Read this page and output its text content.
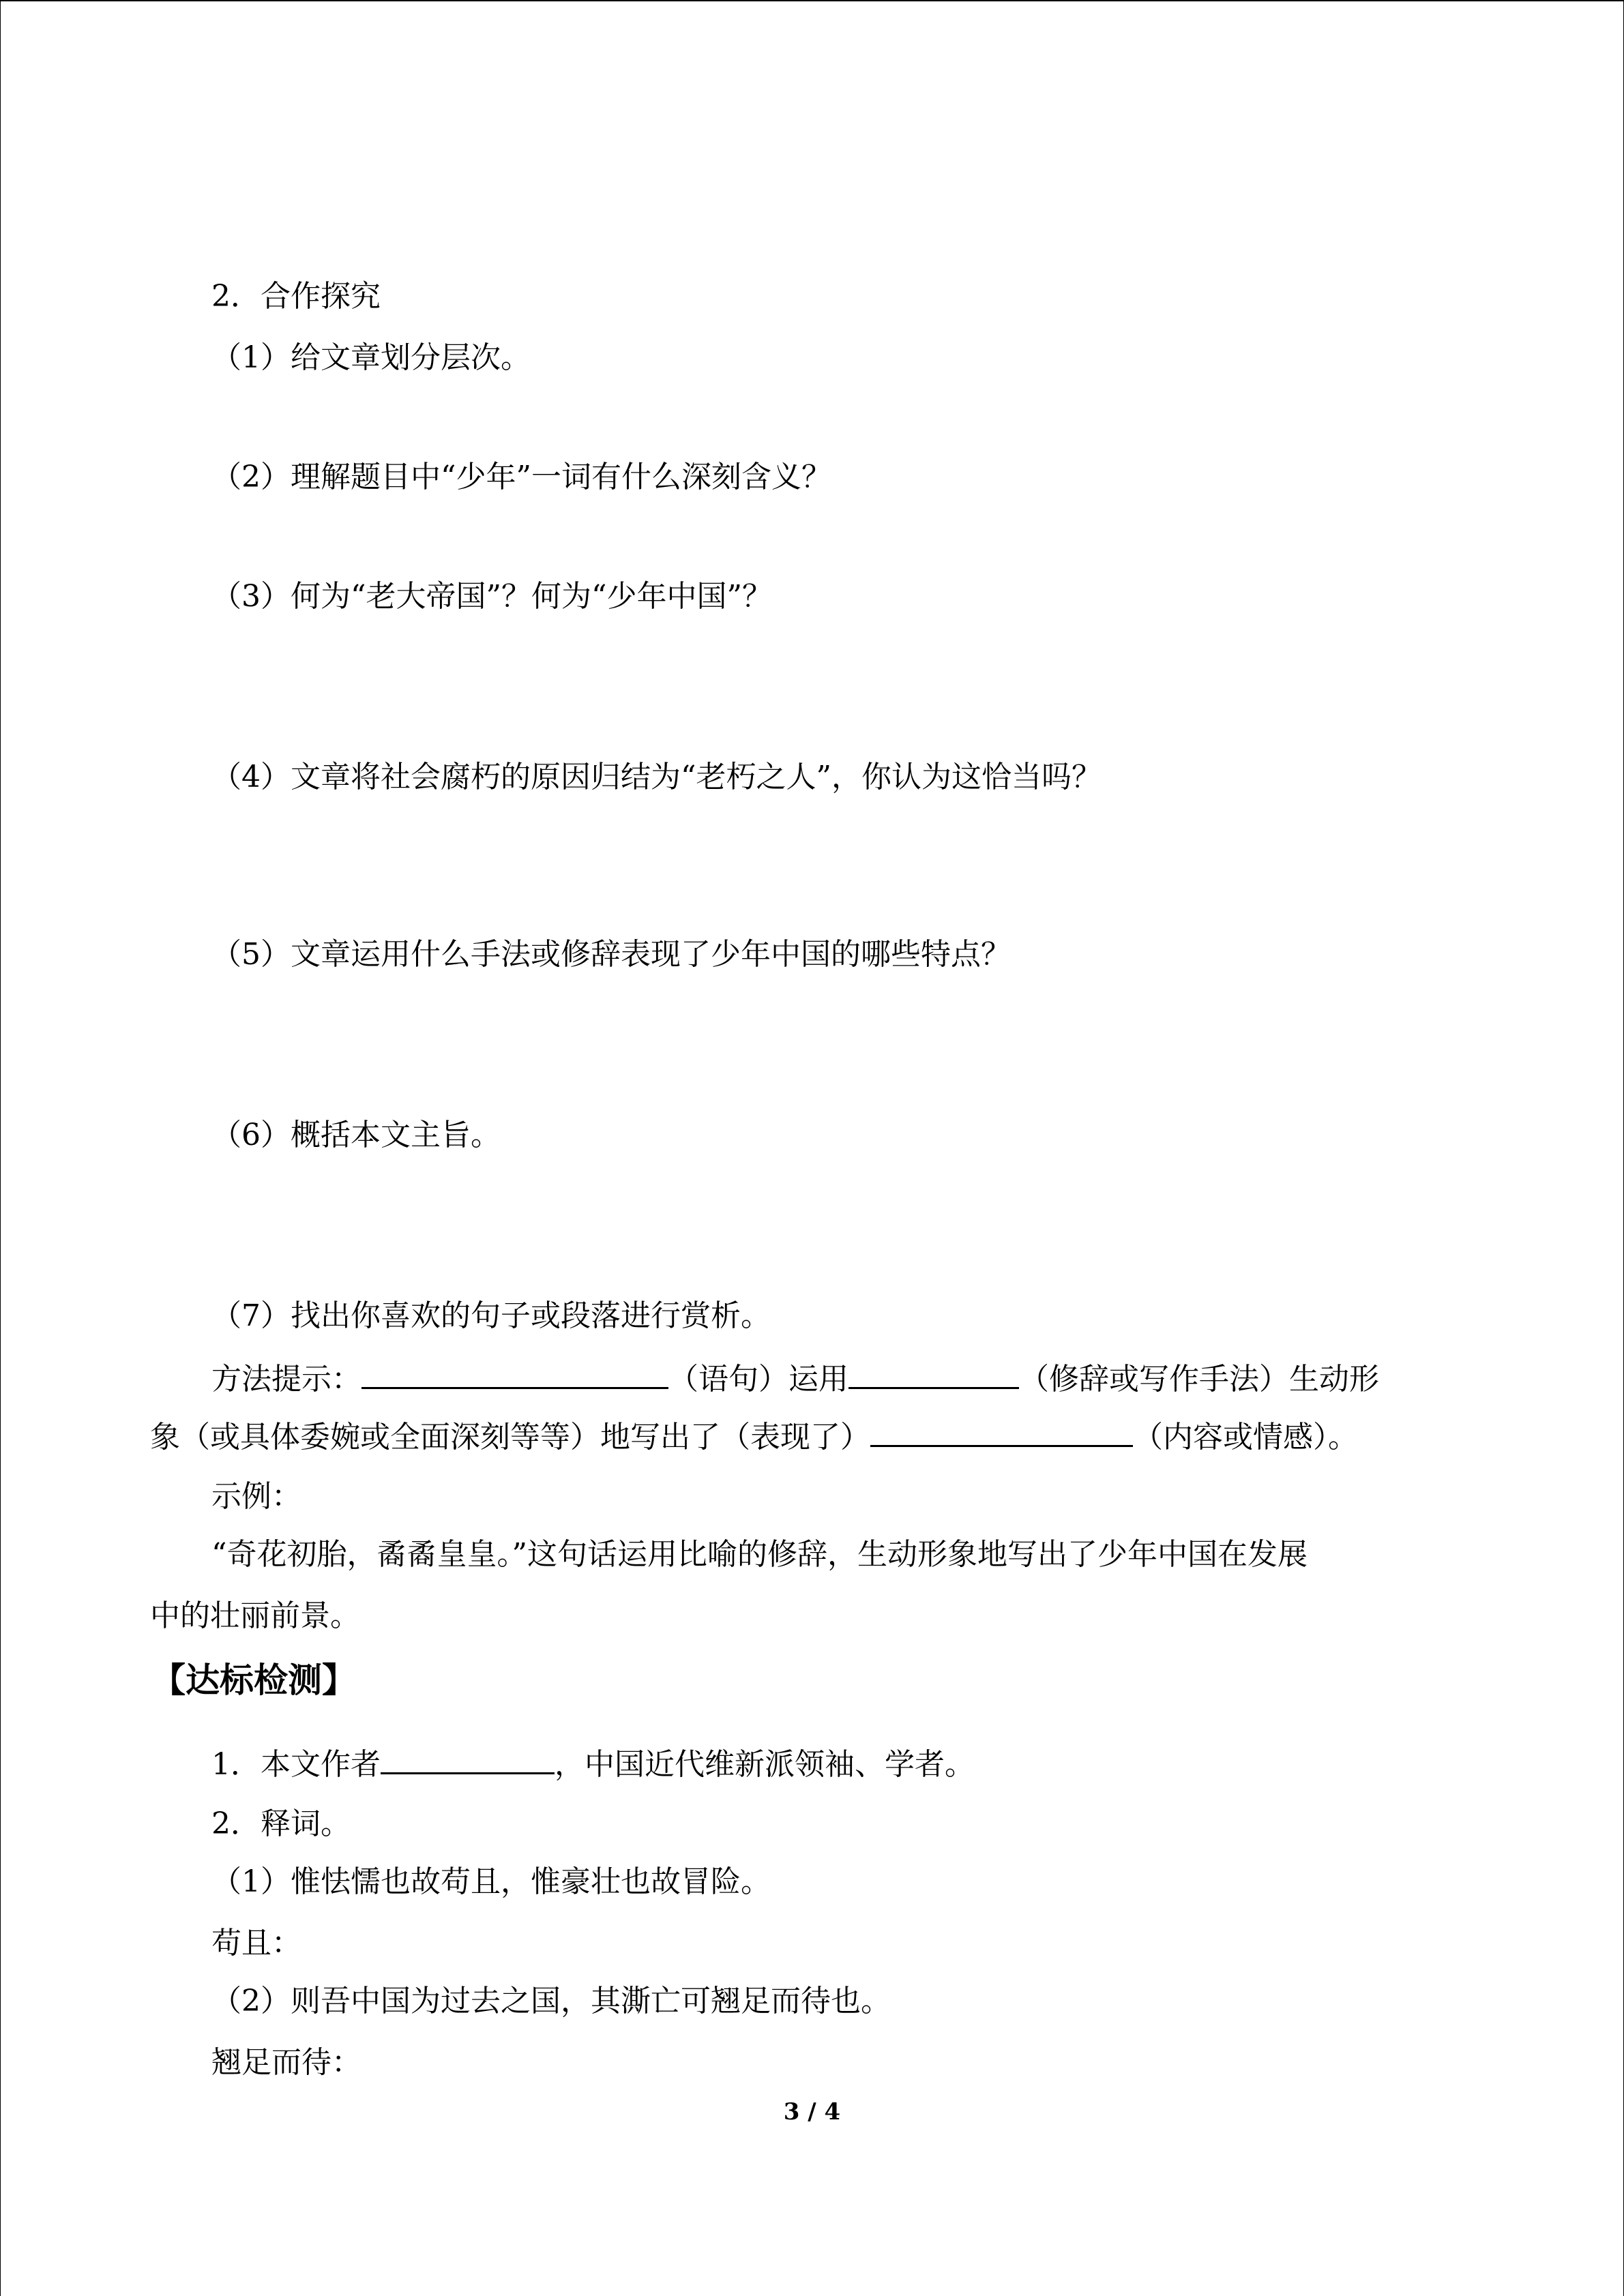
2．合作探究
（1）给文章划分层次。
（2）理解题目中“少年”一词有什么深刻含义？
（3）何为“老大帝国”？何为“少年中国”？
（4）文章将社会腐朽的原因归结为“老朽之人”，你认为这恰当吗？
（5）文章运用什么手法或修辞表现了少年中国的哪些特点？
（6）概括本文主旨。
（7）找出你喜欢的句子或段落进行赏析。
方法提示：	（语句）运用	（修辞或写作手法）生动形
象（或具体委婉或全面深刻等等）地写出了（表现了）	（内容或情感）。
示例：
“奇花初胎，矞矞皇皇。”这句话运用比喻的修辞，生动形象地写出了少年中国在发展
中的壮丽前景。
【达标检测】
1．本文作者	，中国近代维新派领袖、学者。
2．释词。
（1）惟怯懦也故苟且，惟豪壮也故冒险。
苟且：
（2）则吾中国为过去之国，其澌亡可翘足而待也。
翘足而待：
3 / 4
